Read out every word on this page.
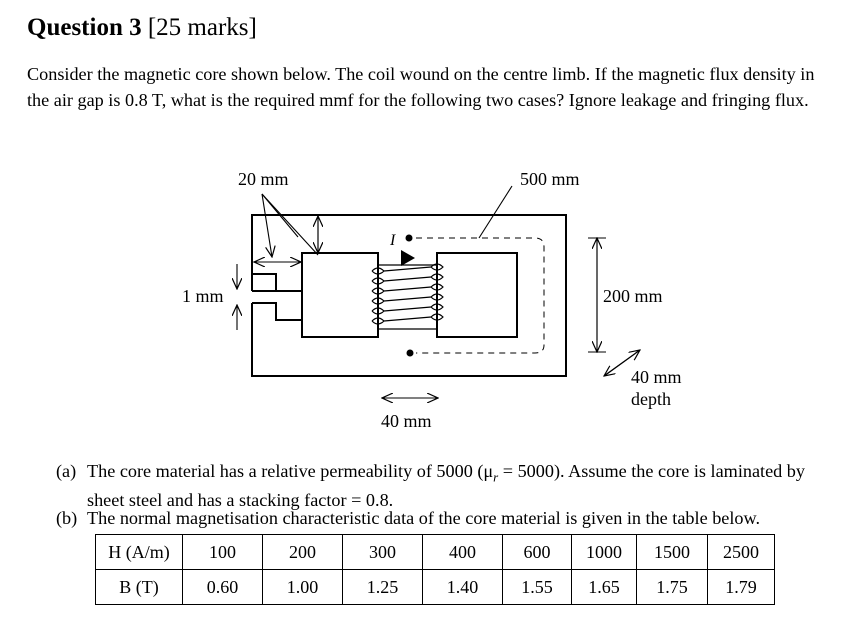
Question 3 [25 marks]
Consider the magnetic core shown below. The coil wound on the centre limb. If the magnetic flux density in the air gap is 0.8 T, what is the required mmf for the following two cases? Ignore leakage and fringing flux.
20 mm	500 mm
1 mm
I
200 mm
40 mm
40 mm
depth
(a) The core material has a relative permeability of 5000 $(\mu_r = 5000)$. Assume the core is laminated by sheet steel and has a stacking factor = 0.8.
(b) The normal magnetisation characteristic data of the core material is given in the table below.
H (A/m)	100	200	300	400	600	1000	1500	2500
B (T)	0.60	1.00	1.25	1.40	1.55	1.65	1.75	1.79
